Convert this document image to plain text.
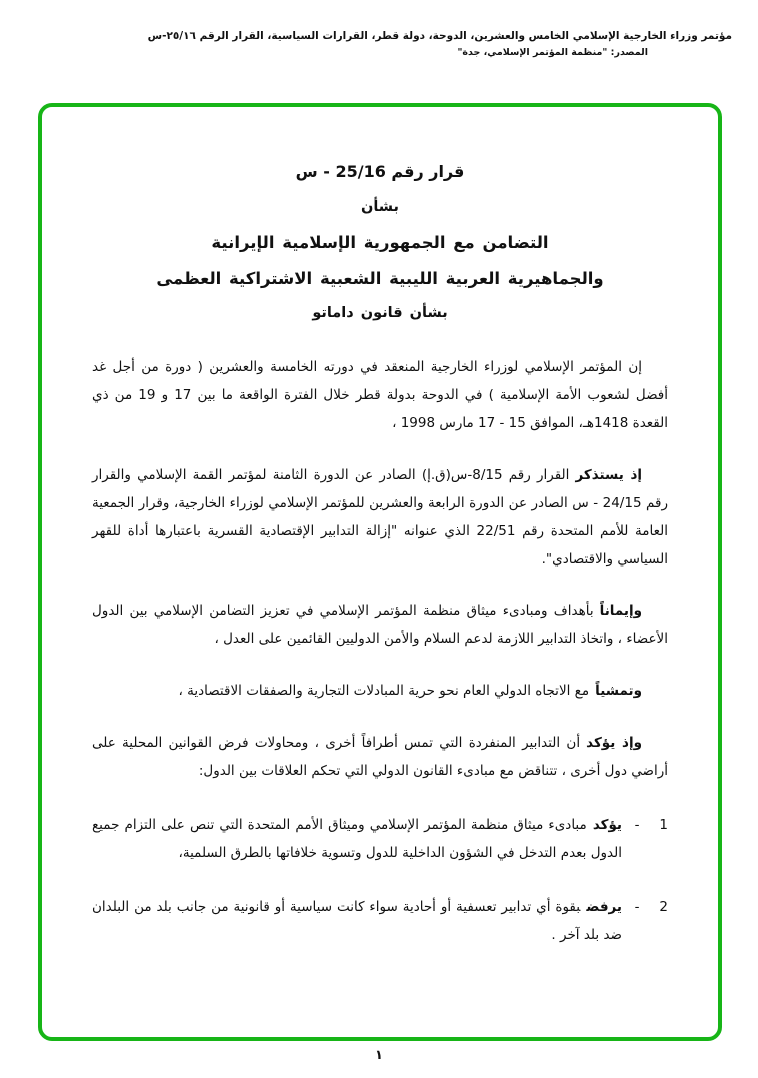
مؤتمر وزراء الخارجية الإسلامي الخامس والعشرين، الدوحة، دولة قطر، القرارات السياسية، القرار الرقم ٢٥/١٦-س
المصدر: "منظمة المؤتمر الإسلامي، جدة"
قرار رقم 25/16 - س
بشأن
التضامن مع الجمهورية الإسلامية الإيرانية
والجماهيرية العربية الليبية الشعبية الاشتراكية العظمى
بشأن قانون داماتو

إن المؤتمر الإسلامي لوزراء الخارجية المنعقد في دورته الخامسة والعشرين ( دورة من أجل غد أفضل لشعوب الأمة الإسلامية ) في الدوحة بدولة قطر خلال الفترة الواقعة ما بين 17 و 19 من ذي القعدة 1418هـ، الموافق 15 - 17 مارس 1998 ،

إذ يستذكرالقرار رقم 8/15-س(ق.إ) الصادر عن الدورة الثامنة لمؤتمر القمة الإسلامي والقرار رقم 24/15 - س الصادر عن الدورة الرابعة والعشرين للمؤتمر الإسلامي لوزراء الخارجية، وقرار الجمعية العامة للأمم المتحدة رقم 22/51 الذي عنوانه "إزالة التدابير الإقتصادية القسرية باعتبارها أداة للقهر السياسي والاقتصادي".

وإيماناًبأهداف ومبادىء ميثاق منظمة المؤتمر الإسلامي في تعزيز التضامن الإسلامي بين الدول الأعضاء ، واتخاذ التدابير اللازمة لدعم السلام والأمن الدوليين القائمين على العدل ،

وتمشياًمع الاتجاه الدولي العام نحو حرية المبادلات التجارية والصفقات الاقتصادية ،

وإذ يؤكدأن التدابير المنفردة التي تمس أطرافاً أخرى ، ومحاولات فرض القوانين المحلية على أراضي دول أخرى ، تتناقض مع مبادىء القانون الدولي التي تحكم العلاقات بين الدول:

1
-

يؤكدمبادىء ميثاق منظمة المؤتمر الإسلامي وميثاق الأمم المتحدة التي تنص على التزام جميع الدول بعدم التدخل في الشؤون الداخلية للدول وتسوية خلافاتها بالطرق السلمية،

2
-

يرفضبقوة أي تدابير تعسفية أو أحادية سواء كانت سياسية أو قانونية من جانب بلد من البلدان ضد بلد آخر .

١
